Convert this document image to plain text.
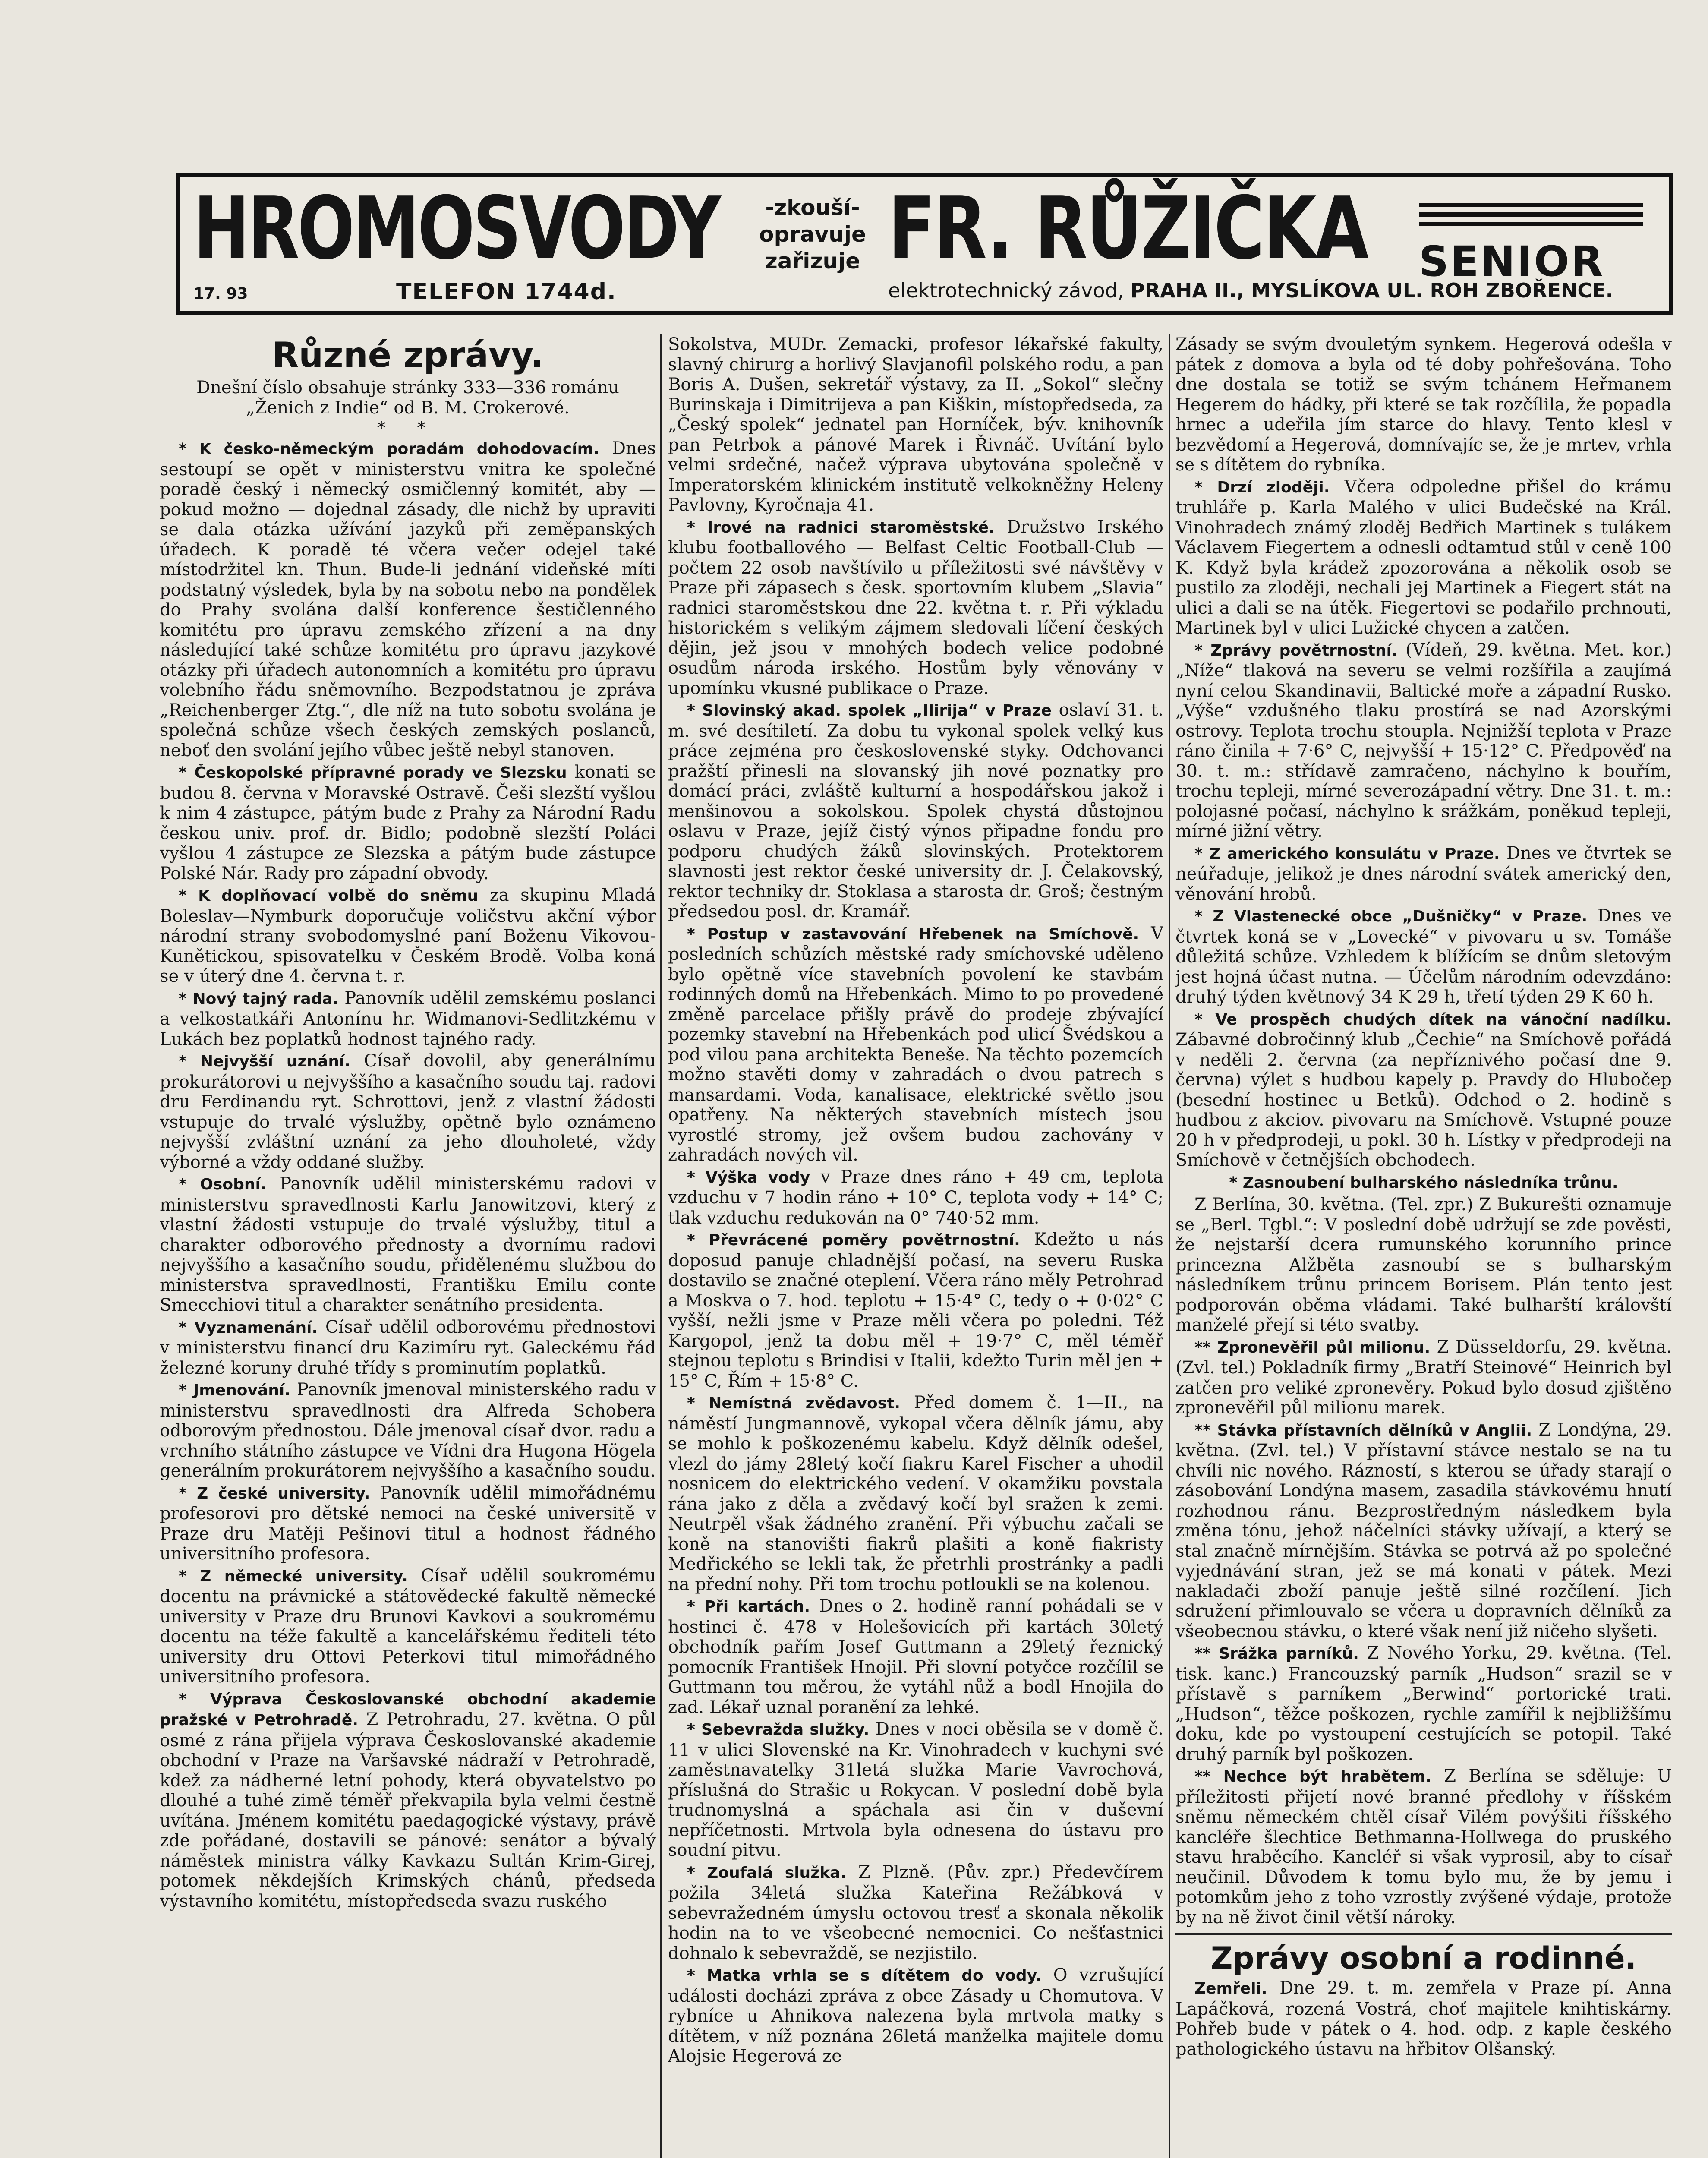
HROMOSVODY
17. 93	TELEFON 1744d.
-zkouší-
opravuje
zařizuje FR. RŮŽIČKA SENIOR
elektrotechnický závod, PRAHA II., MYSLÍKOVA UL. ROH ZBOŘENCE.

Různé zprávy.

Dnešní číslo obsahuje stránky 333—336 románu „Ženich z Indie“ od B. M. Crokerové.

* *

* K česko-německým poradám dohodovacím. Dnes sestoupí se opět v ministerstvu vnitra ke společné poradě český i německý osmičlenný komitét, aby — pokud možno — dojednal zásady, dle nichž by upraviti se dala otázka užívání jazyků při zeměpanských úřadech. K poradě té včera večer odejel také místodržitel kn. Thun. Bude-li jednání videňské míti podstatný výsledek, byla by na sobotu nebo na pondělek do Prahy svolána další konference šestičlenného komitétu pro úpravu zemského zřízení a na dny následující také schůze komitétu pro úpravu jazykové otázky při úřadech autonomních a komitétu pro úpravu volebního řádu sněmovního. Bezpodstatnou je zpráva „Reichenberger Ztg.“, dle níž na tuto sobotu svolána je společná schůze všech českých zemských poslanců, neboť den svolání jejího vůbec ještě nebyl stanoven.

* Českopolské přípravné porady ve Slezsku konati se budou 8. června v Moravské Ostravě. Češi slezští vyšlou k nim 4 zástupce, pátým bude z Prahy za Národní Radu českou univ. prof. dr. Bidlo; podobně slezští Poláci vyšlou 4 zástupce ze Slezska a pátým bude zástupce Polské Nár. Rady pro západní obvody.

* K doplňovací volbě do sněmu za skupinu Mladá Boleslav—Nymburk doporučuje voličstvu akční výbor národní strany svobodomyslné paní Boženu Vikovou-Kunětickou, spisovatelku v Českém Brodě. Volba koná se v úterý dne 4. června t. r.

* Nový tajný rada. Panovník udělil zemskému poslanci a velkostatkáři Antonínu hr. Widmanovi-Sedlitzkému v Lukách bez poplatků hodnost tajného rady.

* Nejvyšší uznání. Císař dovolil, aby generálnímu prokurátorovi u nejvyššího a kasačního soudu taj. radovi dru Ferdinandu ryt. Schrottovi, jenž z vlastní žádosti vstupuje do trvalé výslužby, opětně bylo oznámeno nejvyšší zvláštní uznání za jeho dlouholeté, vždy výborné a vždy oddané služby.

* Osobní. Panovník udělil ministerskému radovi v ministerstvu spravedlnosti Karlu Janowitzovi, který z vlastní žádosti vstupuje do trvalé výslužby, titul a charakter odborového přednosty a dvornímu radovi nejvyššího a kasačního soudu, přidělenému službou do ministerstva spravedlnosti, Františku Emilu conte Smecchiovi titul a charakter senátního presidenta.

* Vyznamenání. Císař udělil odborovému přednostovi v ministerstvu financí dru Kazimíru ryt. Galeckému řád železné koruny druhé třídy s prominutím poplatků.

* Jmenování. Panovník jmenoval ministerského radu v ministerstvu spravedlnosti dra Alfreda Schobera odborovým přednostou. Dále jmenoval císař dvor. radu a vrchního státního zástupce ve Vídni dra Hugona Högela generálním prokurátorem nejvyššího a kasačního soudu.

* Z české university. Panovník udělil mimořádnému profesorovi pro dětské nemoci na české universitě v Praze dru Matěji Pešinovi titul a hodnost řádného universitního profesora.

* Z německé university. Císař udělil soukromému docentu na právnické a státovědecké fakultě německé university v Praze dru Brunovi Kavkovi a soukromému docentu na téže fakultě a kancelářskému řediteli této university dru Ottovi Peterkovi titul mimořádného universitního profesora.

* Výprava Českoslovanské obchodní akademie pražské v Petrohradě. Z Petrohradu, 27. května. O půl osmé z rána přijela výprava Českoslovanské akademie obchodní v Praze na Varšavské nádraží v Petrohradě, kdež za nádherné letní pohody, která obyvatelstvo po dlouhé a tuhé zimě téměř překvapila byla velmi čestně uvítána. Jménem komitétu paedagogické výstavy, právě zde pořádané, dostavili se pánové: senátor a bývalý náměstek ministra války Kavkazu Sultán Krim-Girej, potomek někdejších Krimských chánů, předseda výstavního komitétu, místopředseda svazu ruského

Sokolstva, MUDr. Zemacki, profesor lékařské fakulty, slavný chirurg a horlivý Slavjanofil polského rodu, a pan Boris A. Dušen, sekretář výstavy, za II. „Sokol“ slečny Burinskaja i Dimitrijeva a pan Kiškin, místopředseda, za „Český spolek“ jednatel pan Horníček, býv. knihovník pan Petrbok a pánové Marek i Řivnáč. Uvítání bylo velmi srdečné, načež výprava ubytována společně v Imperatorském klinickém institutě velkokněžny Heleny Pavlovny, Kyročnaja 41.

* Irové na radnici staroměstské. Družstvo Irského klubu footballového — Belfast Celtic Football-Club — počtem 22 osob navštívilo u příležitosti své návštěvy v Praze při zápasech s česk. sportovním klubem „Slavia“ radnici staroměstskou dne 22. května t. r. Při výkladu historickém s velikým zájmem sledovali líčení českých dějin, jež jsou v mnohých bodech velice podobné osudům národa irského. Hostům byly věnovány v upomínku vkusné publikace o Praze.

* Slovinský akad. spolek „Ilirija“ v Praze oslaví 31. t. m. své desítiletí. Za dobu tu vykonal spolek velký kus práce zejména pro československé styky. Odchovanci pražští přinesli na slovanský jih nové poznatky pro domácí práci, zvláště kulturní a hospodářskou jakož i menšinovou a sokolskou. Spolek chystá důstojnou oslavu v Praze, jejíž čistý výnos připadne fondu pro podporu chudých žáků slovinských. Protektorem slavnosti jest rektor české university dr. J. Čelakovský, rektor techniky dr. Stoklasa a starosta dr. Groš; čestným předsedou posl. dr. Kramář.

* Postup v zastavování Hřebenek na Smíchově. V posledních schůzích městské rady smíchovské uděleno bylo opětně více stavebních povolení ke stavbám rodinných domů na Hřebenkách. Mimo to po provedené změně parcelace přišly právě do prodeje zbývající pozemky stavební na Hřebenkách pod ulicí Švédskou a pod vilou pana architekta Beneše. Na těchto pozemcích možno stavěti domy v zahradách o dvou patrech s mansardami. Voda, kanalisace, elektrické světlo jsou opatřeny. Na některých stavebních místech jsou vyrostlé stromy, jež ovšem budou zachovány v zahradách nových vil.

* Výška vody v Praze dnes ráno + 49 cm, teplota vzduchu v 7 hodin ráno + 10° C, teplota vody + 14° C; tlak vzduchu redukován na 0° 740·52 mm.

* Převrácené poměry povětrnostní. Kdežto u nás doposud panuje chladnější počasí, na severu Ruska dostavilo se značné oteplení. Včera ráno měly Petrohrad a Moskva o 7. hod. teplotu + 15·4° C, tedy o + 0·02° C vyšší, nežli jsme v Praze měli včera po poledni. Též Kargopol, jenž ta dobu měl + 19·7° C, měl téměř stejnou teplotu s Brindisi v Italii, kdežto Turin měl jen + 15° C, Řím + 15·8° C.

* Nemístná zvědavost. Před domem č. 1—II., na náměstí Jungmannově, vykopal včera dělník jámu, aby se mohlo k poškozenému kabelu. Když dělník odešel, vlezl do jámy 28letý kočí fiakru Karel Fischer a uhodil nosnicem do elektrického vedení. V okamžiku povstala rána jako z děla a zvědavý kočí byl sražen k zemi. Neutrpěl však žádného zranění. Při výbuchu začali se koně na stanovišti fiakrů plašiti a koně fiakristy Medřického se lekli tak, že přetrhli prostránky a padli na přední nohy. Při tom trochu potloukli se na kolenou.

* Při kartách. Dnes o 2. hodině ranní pohádali se v hostinci č. 478 v Holešovicích při kartách 30letý obchodník pařím Josef Guttmann a 29letý řeznický pomocník František Hnojil. Při slovní potyčce rozčílil se Guttmann tou měrou, že vytáhl nůž a bodl Hnojila do zad. Lékař uznal poranění za lehké.

* Sebevražda služky. Dnes v noci oběsila se v domě č. 11 v ulici Slovenské na Kr. Vinohradech v kuchyni své zaměstnavatelky 31letá služka Marie Vavrochová, příslušná do Strašic u Rokycan. V poslední době byla trudnomyslná a spáchala asi čin v duševní nepříčetnosti. Mrtvola byla odnesena do ústavu pro soudní pitvu.

* Zoufalá služka. Z Plzně. (Pův. zpr.) Předevčírem požila 34letá služka Kateřina Režábková v sebevražedném úmyslu octovou tresť a skonala několik hodin na to ve všeobecné nemocnici. Co nešťastnici dohnalo k sebevraždě, se nezjistilo.

* Matka vrhla se s dítětem do vody. O vzrušující události docházi zpráva z obce Zásady u Chomutova. V rybníce u Ahnikova nalezena byla mrtvola matky s dítětem, v níž poznána 26letá manželka majitele domu Alojsie Hegerová ze

Zásady se svým dvouletým synkem. Hegerová odešla v pátek z domova a byla od té doby pohřešována. Toho dne dostala se totiž se svým tchánem Heřmanem Hegerem do hádky, při které se tak rozčílila, že popadla hrnec a udeřila jím starce do hlavy. Tento klesl v bezvědomí a Hegerová, domnívajíc se, že je mrtev, vrhla se s dítětem do rybníka.

* Drzí zloději. Včera odpoledne přišel do krámu truhláře p. Karla Malého v ulici Budečské na Král. Vinohradech známý zloděj Bedřich Martinek s tulákem Václavem Fiegertem a odnesli odtamtud stůl v ceně 100 K. Když byla krádež zpozorována a několik osob se pustilo za zloději, nechali jej Martinek a Fiegert stát na ulici a dali se na útěk. Fiegertovi se podařilo prchnouti, Martinek byl v ulici Lužické chycen a zatčen.

* Zprávy povětrnostní. (Vídeň, 29. května. Met. kor.) „Níže“ tlaková na severu se velmi rozšířila a zaujímá nyní celou Skandinavii, Baltické moře a západní Rusko. „Výše“ vzdušného tlaku prostírá se nad Azorskými ostrovy. Teplota trochu stoupla. Nejnižší teplota v Praze ráno činila + 7·6° C, nejvyšší + 15·12° C. Předpověď na 30. t. m.: střídavě zamračeno, náchylno k bouřím, trochu tepleji, mírné severozápadní větry. Dne 31. t. m.: polojasné počasí, náchylno k srážkám, poněkud tepleji, mírné jižní větry.

* Z amerického konsulátu v Praze. Dnes ve čtvrtek se neúřaduje, jelikož je dnes národní svátek americký den, věnování hrobů.

* Z Vlastenecké obce „Dušničky“ v Praze. Dnes ve čtvrtek koná se v „Lovecké“ v pivovaru u sv. Tomáše důležitá schůze. Vzhledem k blížícím se dnům sletovým jest hojná účast nutna. — Účelům národním odevzdáno: druhý týden květnový 34 K 29 h, třetí týden 29 K 60 h.

* Ve prospěch chudých dítek na vánoční nadílku. Zábavné dobročinný klub „Čechie“ na Smíchově pořádá v neděli 2. června (za nepříznivého počasí dne 9. června) výlet s hudbou kapely p. Pravdy do Hlubočep (besední hostinec u Betků). Odchod o 2. hodině s hudbou z akciov. pivovaru na Smíchově. Vstupné pouze 20 h v předprodeji, u pokl. 30 h. Lístky v předprodeji na Smíchově v četnějších obchodech.

* Zasnoubení bulharského následníka trůnu.

Z Berlína, 30. května. (Tel. zpr.) Z Bukurešti oznamuje se „Berl. Tgbl.“: V poslední době udržují se zde pověsti, že nejstarší dcera rumunského korunního prince princezna Alžběta zasnoubí se s bulharským následníkem trůnu princem Borisem. Plán tento jest podporován oběma vládami. Také bulharští královští manželé přejí si této svatby.

** Zpronevěřil půl milionu. Z Düsseldorfu, 29. května. (Zvl. tel.) Pokladník firmy „Bratří Steinové“ Heinrich byl zatčen pro veliké zpronevěry. Pokud bylo dosud zjištěno zpronevěřil půl milionu marek.

** Stávka přístavních dělníků v Anglii. Z Londýna, 29. května. (Zvl. tel.) V přístavní stávce nestalo se na tu chvíli nic nového. Rázností, s kterou se úřady starají o zásobování Londýna masem, zasadila stávkovému hnutí rozhodnou ránu. Bezprostředným následkem byla změna tónu, jehož náčelníci stávky užívají, a který se stal značně mírnějším. Stávka se potrvá až po společné vyjednávání stran, jež se má konati v pátek. Mezi nakladači zboží panuje ještě silné rozčílení. Jich sdružení přimlouvalo se včera u dopravních dělníků za všeobecnou stávku, o které však není již ničeho slyšeti.

** Srážka parníků. Z Nového Yorku, 29. května. (Tel. tisk. kanc.) Francouzský parník „Hudson“ srazil se v přístavě s parníkem „Berwind“ portorické trati. „Hudson“, těžce poškozen, rychle zamířil k nejbližšímu doku, kde po vystoupení cestujících se potopil. Také druhý parník byl poškozen.

** Nechce být hrabětem. Z Berlína se sděluje: U příležitosti přijetí nové branné předlohy v říšském sněmu německém chtěl císař Vilém povýšiti říšského kancléře šlechtice Bethmanna-Hollwega do pruského stavu hraběcího. Kancléř si však vyprosil, aby to císař neučinil. Důvodem k tomu bylo mu, že by jemu i potomkům jeho z toho vzrostly zvýšené výdaje, protože by na ně život činil větší nároky.

Zprávy osobní a rodinné.

Zemřeli. Dne 29. t. m. zemřela v Praze pí. Anna Lapáčková, rozená Vostrá, choť majitele knihtiskárny. Pohřeb bude v pátek o 4. hod. odp. z kaple českého pathologického ústavu na hřbitov Olšanský.
